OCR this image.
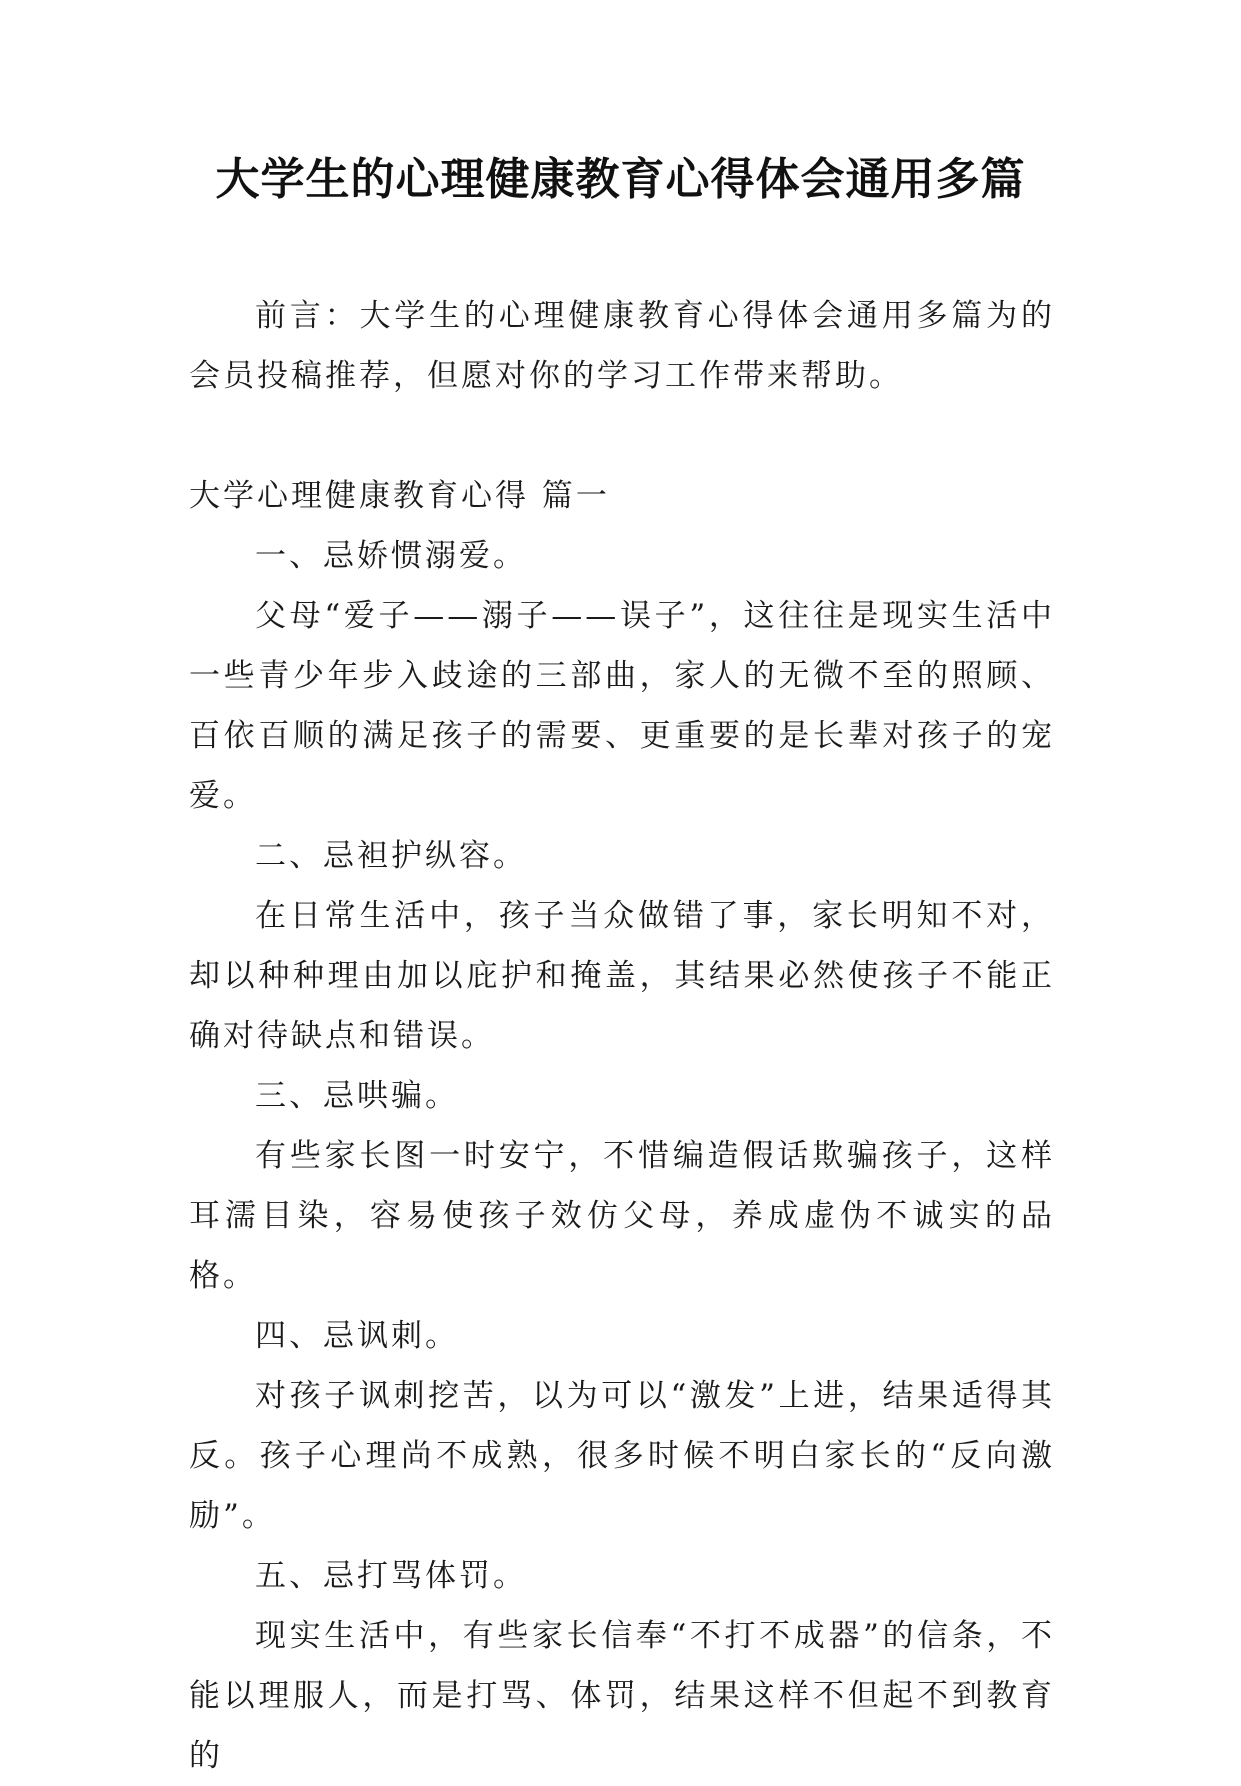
大学生的心理健康教育心得体会通用多篇

前言：大学生的心理健康教育心得体会通用多篇为的会员投稿推荐，但愿对你的学习工作带来帮助。

大学心理健康教育心得 篇一

一、忌娇惯溺爱。

父母“爱子——溺子——误子”，这往往是现实生活中一些青少年步入歧途的三部曲，家人的无微不至的照顾、百依百顺的满足孩子的需要、更重要的是长辈对孩子的宠爱。

二、忌袒护纵容。

在日常生活中，孩子当众做错了事，家长明知不对，却以种种理由加以庇护和掩盖，其结果必然使孩子不能正确对待缺点和错误。

三、忌哄骗。

有些家长图一时安宁，不惜编造假话欺骗孩子，这样耳濡目染，容易使孩子效仿父母，养成虚伪不诚实的品格。

四、忌讽刺。

对孩子讽刺挖苦，以为可以“激发”上进，结果适得其反。孩子心理尚不成熟，很多时候不明白家长的“反向激励”。

五、忌打骂体罚。

现实生活中，有些家长信奉“不打不成器”的信条，不能以理服人，而是打骂、体罚，结果这样不但起不到教育的
